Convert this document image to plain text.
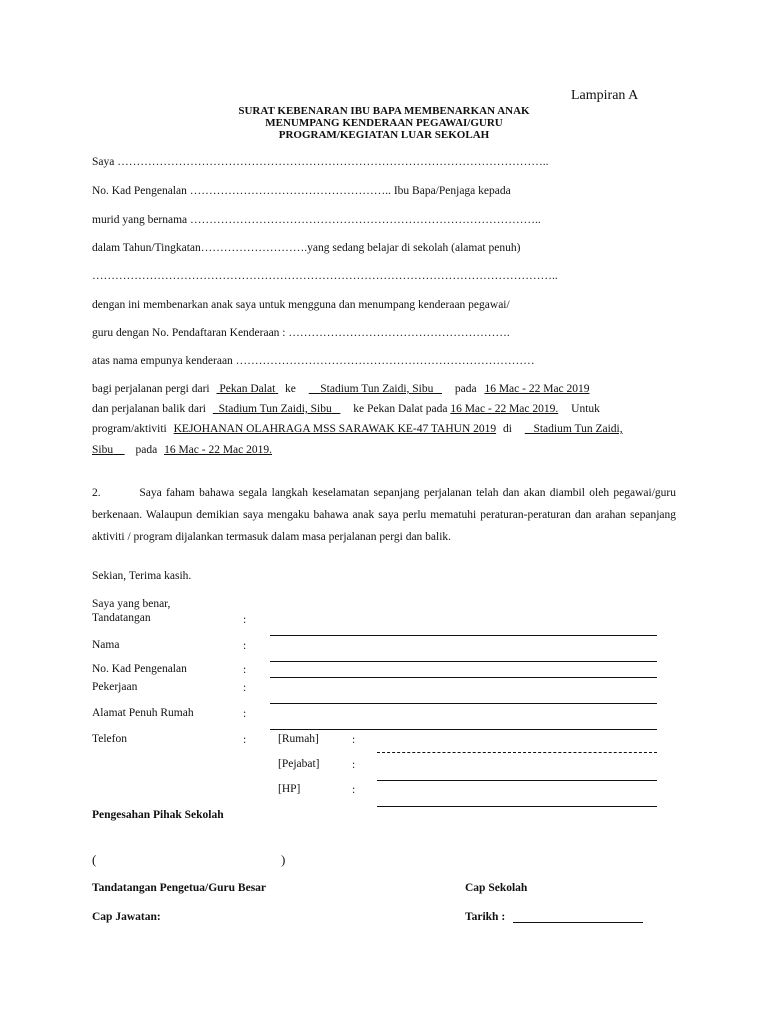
Lampiran A
SURAT KEBENARAN IBU BAPA MEMBENARKAN ANAK
MENUMPANG KENDERAAN PEGAWAI/GURU
PROGRAM/KEGIATAN LUAR SEKOLAH
Saya …………………………………………………………………………………………………..
No. Kad Pengenalan …………………………………………….. Ibu Bapa/Penjaga kepada
murid yang bernama ………………………………………………………………………………..
dalam Tahun/Tingkatan……………………….yang sedang belajar di sekolah (alamat penuh)
…………………………………………………………………………………………………………..
dengan ini membenarkan anak saya untuk mengguna dan menumpang kenderaan pegawai/
guru dengan No. Pendaftaran Kenderaan : ………………………………………………….
atas nama empunya kenderaan ……………………………………………………………………
bagi perjalanan pergi dari Pekan Dalat ke Stadium Tun Zaidi, Sibu pada 16 Mac - 22 Mac 2019
dan perjalanan balik dari Stadium Tun Zaidi, Sibu ke Pekan Dalat pada 16 Mac - 22 Mac 2019. Untuk
program/aktiviti KEJOHANAN OLAHRAGA MSS SARAWAK KE-47 TAHUN 2019 di Stadium Tun Zaidi,
Sibu pada 16 Mac - 22 Mac 2019.
2.	Saya faham bahawa segala langkah keselamatan sepanjang perjalanan telah dan akan diambil oleh pegawai/guru berkenaan. Walaupun demikian saya mengaku bahawa anak saya perlu mematuhi peraturan-peraturan dan arahan sepanjang aktiviti / program dijalankan termasuk dalam masa perjalanan pergi dan balik.
Sekian, Terima kasih.
Saya yang benar,
Tandatangan	:
Nama	:
No. Kad Pengenalan	:
Pekerjaan	:
Alamat Penuh Rumah	:
Telefon	:	[Rumah]	:
[Pejabat]	:
[HP]	:
Pengesahan Pihak Sekolah
(	)
Tandatangan Pengetua/Guru Besar	Cap Sekolah
Cap Jawatan:	Tarikh :
